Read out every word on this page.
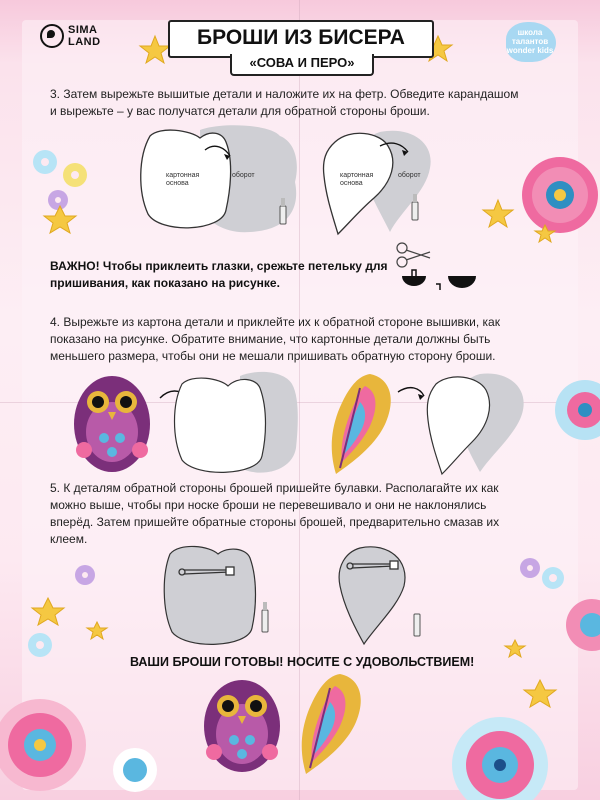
SIMA
LAND	БРОШИ ИЗ БИСЕРА
«СОВА И ПЕРО»
школа
талантов
wonder kids
3. Затем вырежьте вышитые детали и наложите их на фетр. Обведите карандашом и вырежьте – у вас получатся детали для обратной стороны броши.
картонная основа
оборот	картонная основа
оборот
ВАЖНО! Чтобы приклеить глазки, срежьте петельку для пришивания, как показано на рисунке.
4. Вырежьте из картона детали и приклейте их к обратной стороне вышивки, как показано на рисунке. Обратите внимание, что картонные детали должны быть меньшего размера, чтобы они не мешали пришивать обратную сторону броши.
5. К деталям обратной стороны брошей пришейте булавки. Располагайте их как можно выше, чтобы при носке броши не перевешивало и они не наклонялись вперёд. Затем пришейте обратные стороны брошей, предварительно смазав их клеем.
ВАШИ БРОШИ ГОТОВЫ! НОСИТЕ С УДОВОЛЬСТВИЕМ!
